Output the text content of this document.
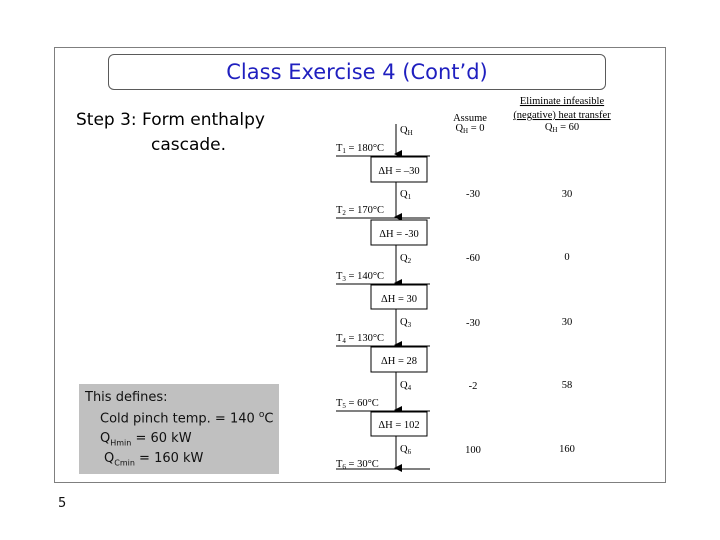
Class Exercise 4 (Cont’d)
Step 3: Form enthalpy
cascade.
This defines:
Cold pinch temp. = 140 $^o$C
$Q_{Hmin} = 60$ kW
$Q_{Cmin} = 160$ kW
5
Assume
QH = 0
Eliminate infeasible
(negative) heat transfer
QH = 60
QH
T1 = 180°C
T2 = 170°C
T3 = 140°C
T4 = 130°C
T5 = 60°C
T6 = 30°C
ΔH = –30
ΔH = -30
ΔH = 30
ΔH = 28
ΔH = 102
Q1
Q2
Q3
Q4
Q6
-30
-60
-30
-2
100
30
0
30
58
160
